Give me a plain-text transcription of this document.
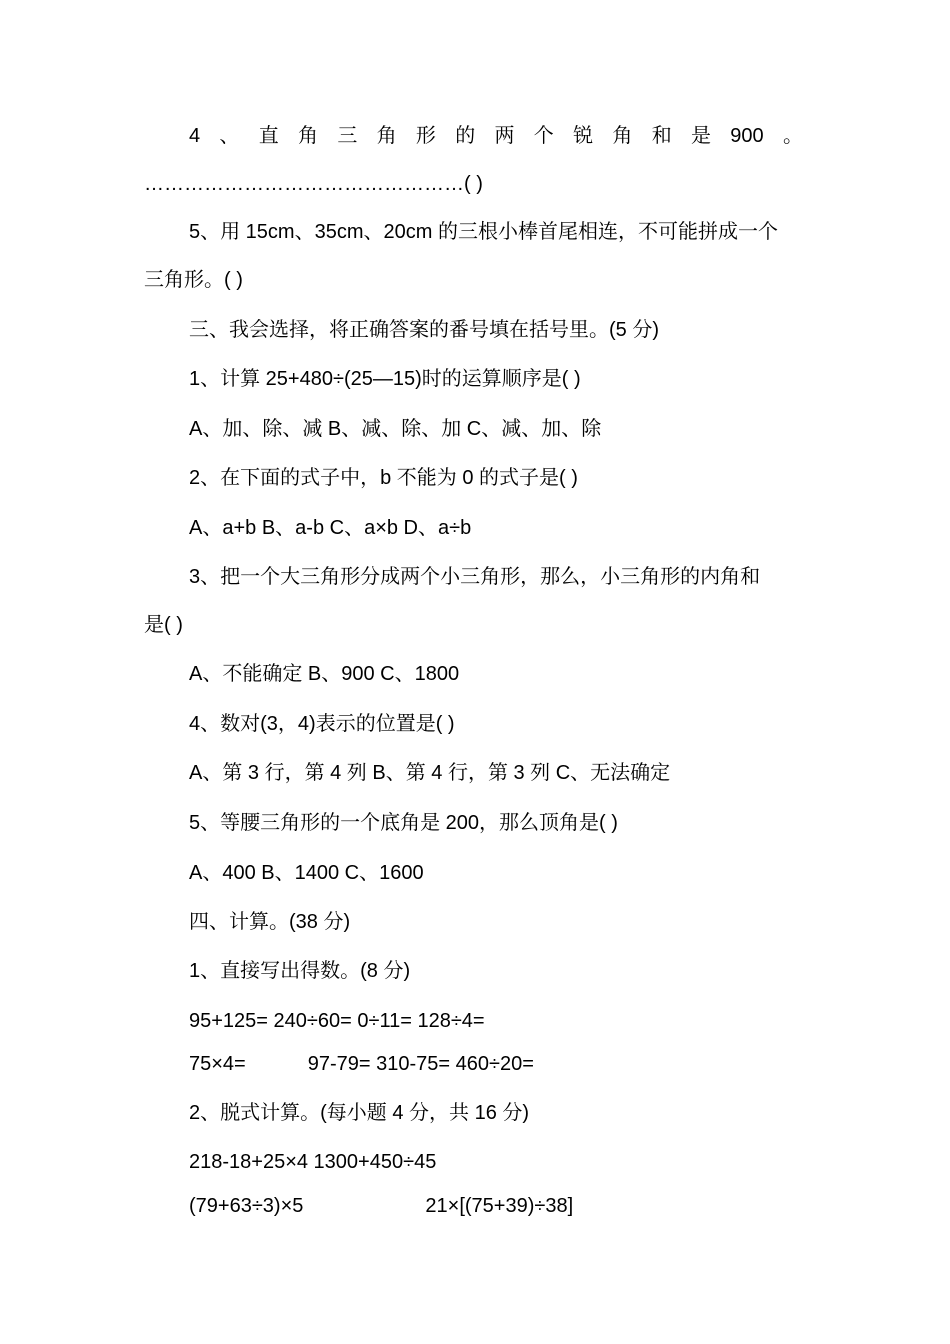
4 、 直 角 三 角 形 的 两 个 锐 角 和 是 900 。
…………………………………………( )
5、用 15cm、35cm、20cm 的三根小棒首尾相连，不可能拼成一个
三角形。( )
三、我会选择，将正确答案的番号填在括号里。(5 分)
1、计算 25+480÷(25—15)时的运算顺序是( )
A、加、除、减 B、减、除、加 C、减、加、除
2、在下面的式子中，b 不能为 0 的式子是( )
A、a+b B、a-b C、a×b D、a÷b
3、把一个大三角形分成两个小三角形，那么，小三角形的内角和
是( )
A、不能确定 B、900 C、1800
4、数对(3，4)表示的位置是( )
A、第 3 行，第 4 列 B、第 4 行，第 3 列 C、无法确定
5、等腰三角形的一个底角是 200，那么顶角是( )
A、400 B、1400 C、1600
四、计算。(38 分)
1、直接写出得数。(8 分)
95+125= 240÷60= 0÷11= 128÷4=
75×4=	97-79= 310-75= 460÷20=
2、脱式计算。(每小题 4 分，共 16 分)
218-18+25×4 1300+450÷45
(79+63÷3)×5	21×[(75+39)÷38]
